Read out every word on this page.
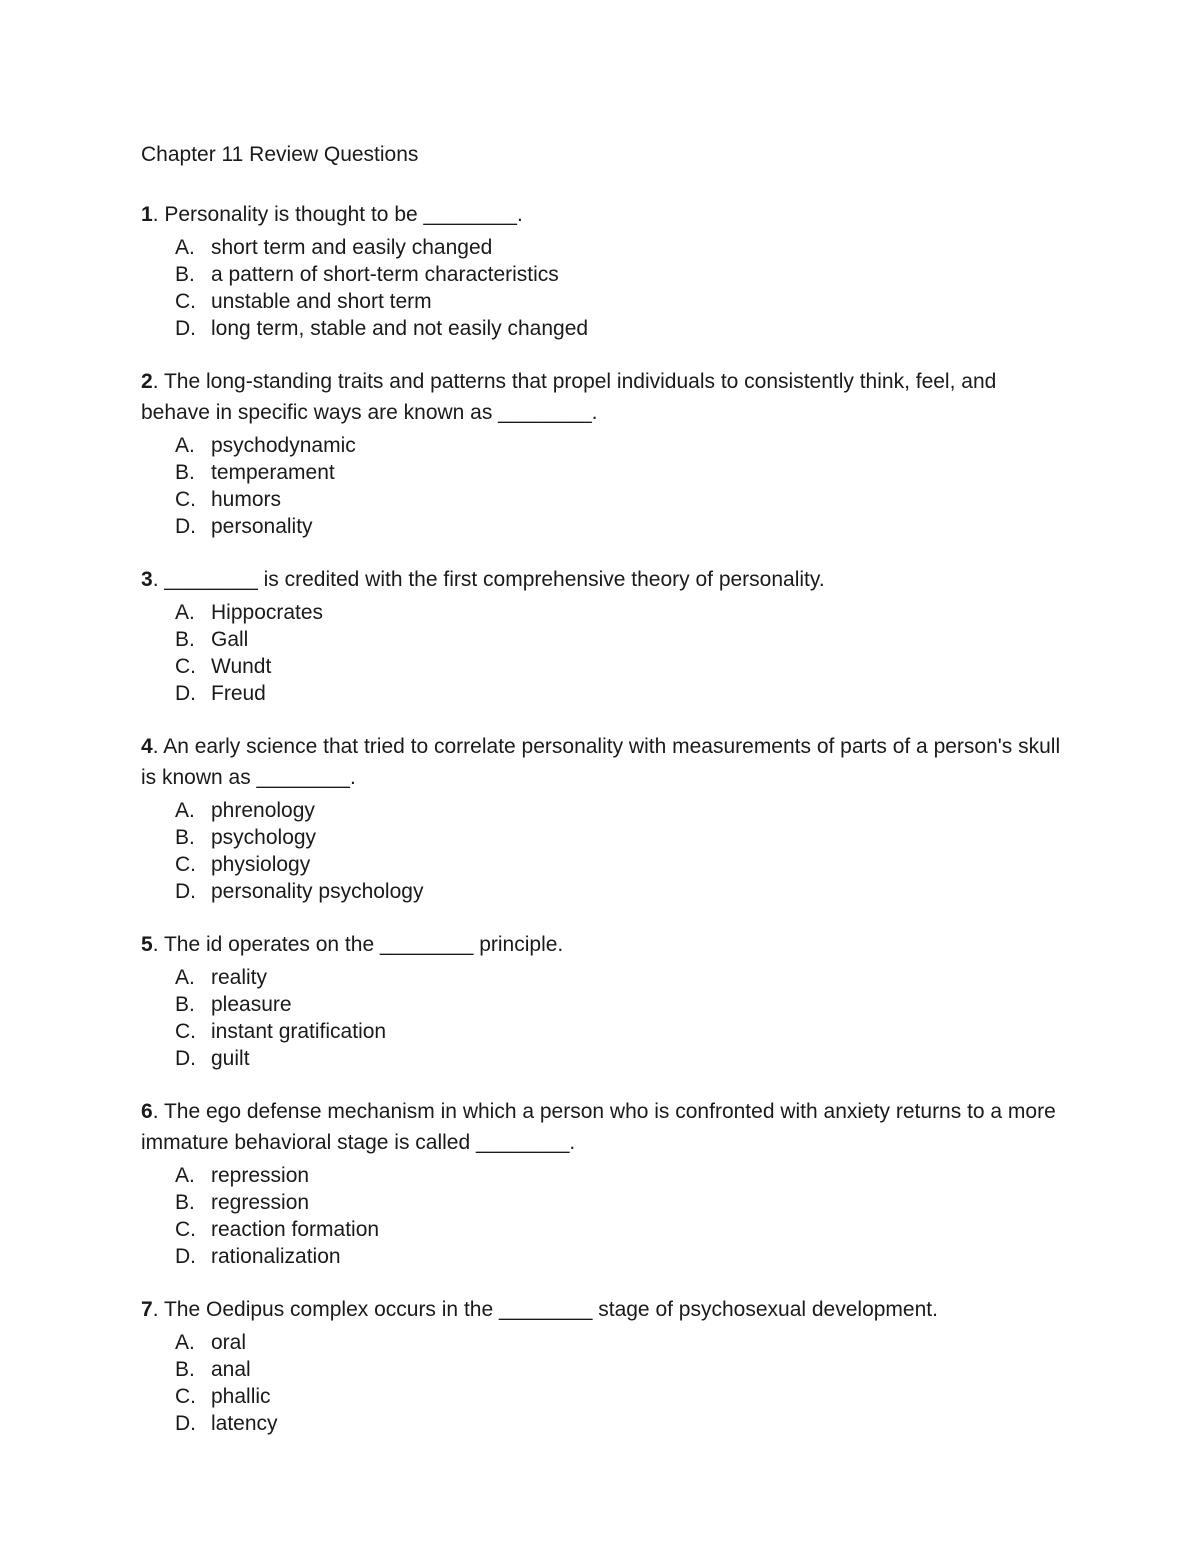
Chapter 11 Review Questions

1. Personality is thought to be ________.

A. short term and easily changed
B. a pattern of short-term characteristics
C. unstable and short term
D. long term, stable and not easily changed

2. The long-standing traits and patterns that propel individuals to consistently think, feel, and behave in specific ways are known as ________.

A. psychodynamic
B. temperament
C. humors
D. personality

3. ________ is credited with the first comprehensive theory of personality.

A. Hippocrates
B. Gall
C. Wundt
D. Freud

4. An early science that tried to correlate personality with measurements of parts of a person's skull is known as ________.

A. phrenology
B. psychology
C. physiology
D. personality psychology

5. The id operates on the ________ principle.

A. reality
B. pleasure
C. instant gratification
D. guilt

6. The ego defense mechanism in which a person who is confronted with anxiety returns to a more immature behavioral stage is called ________.

A. repression
B. regression
C. reaction formation
D. rationalization

7. The Oedipus complex occurs in the ________ stage of psychosexual development.

A. oral
B. anal
C. phallic
D. latency
